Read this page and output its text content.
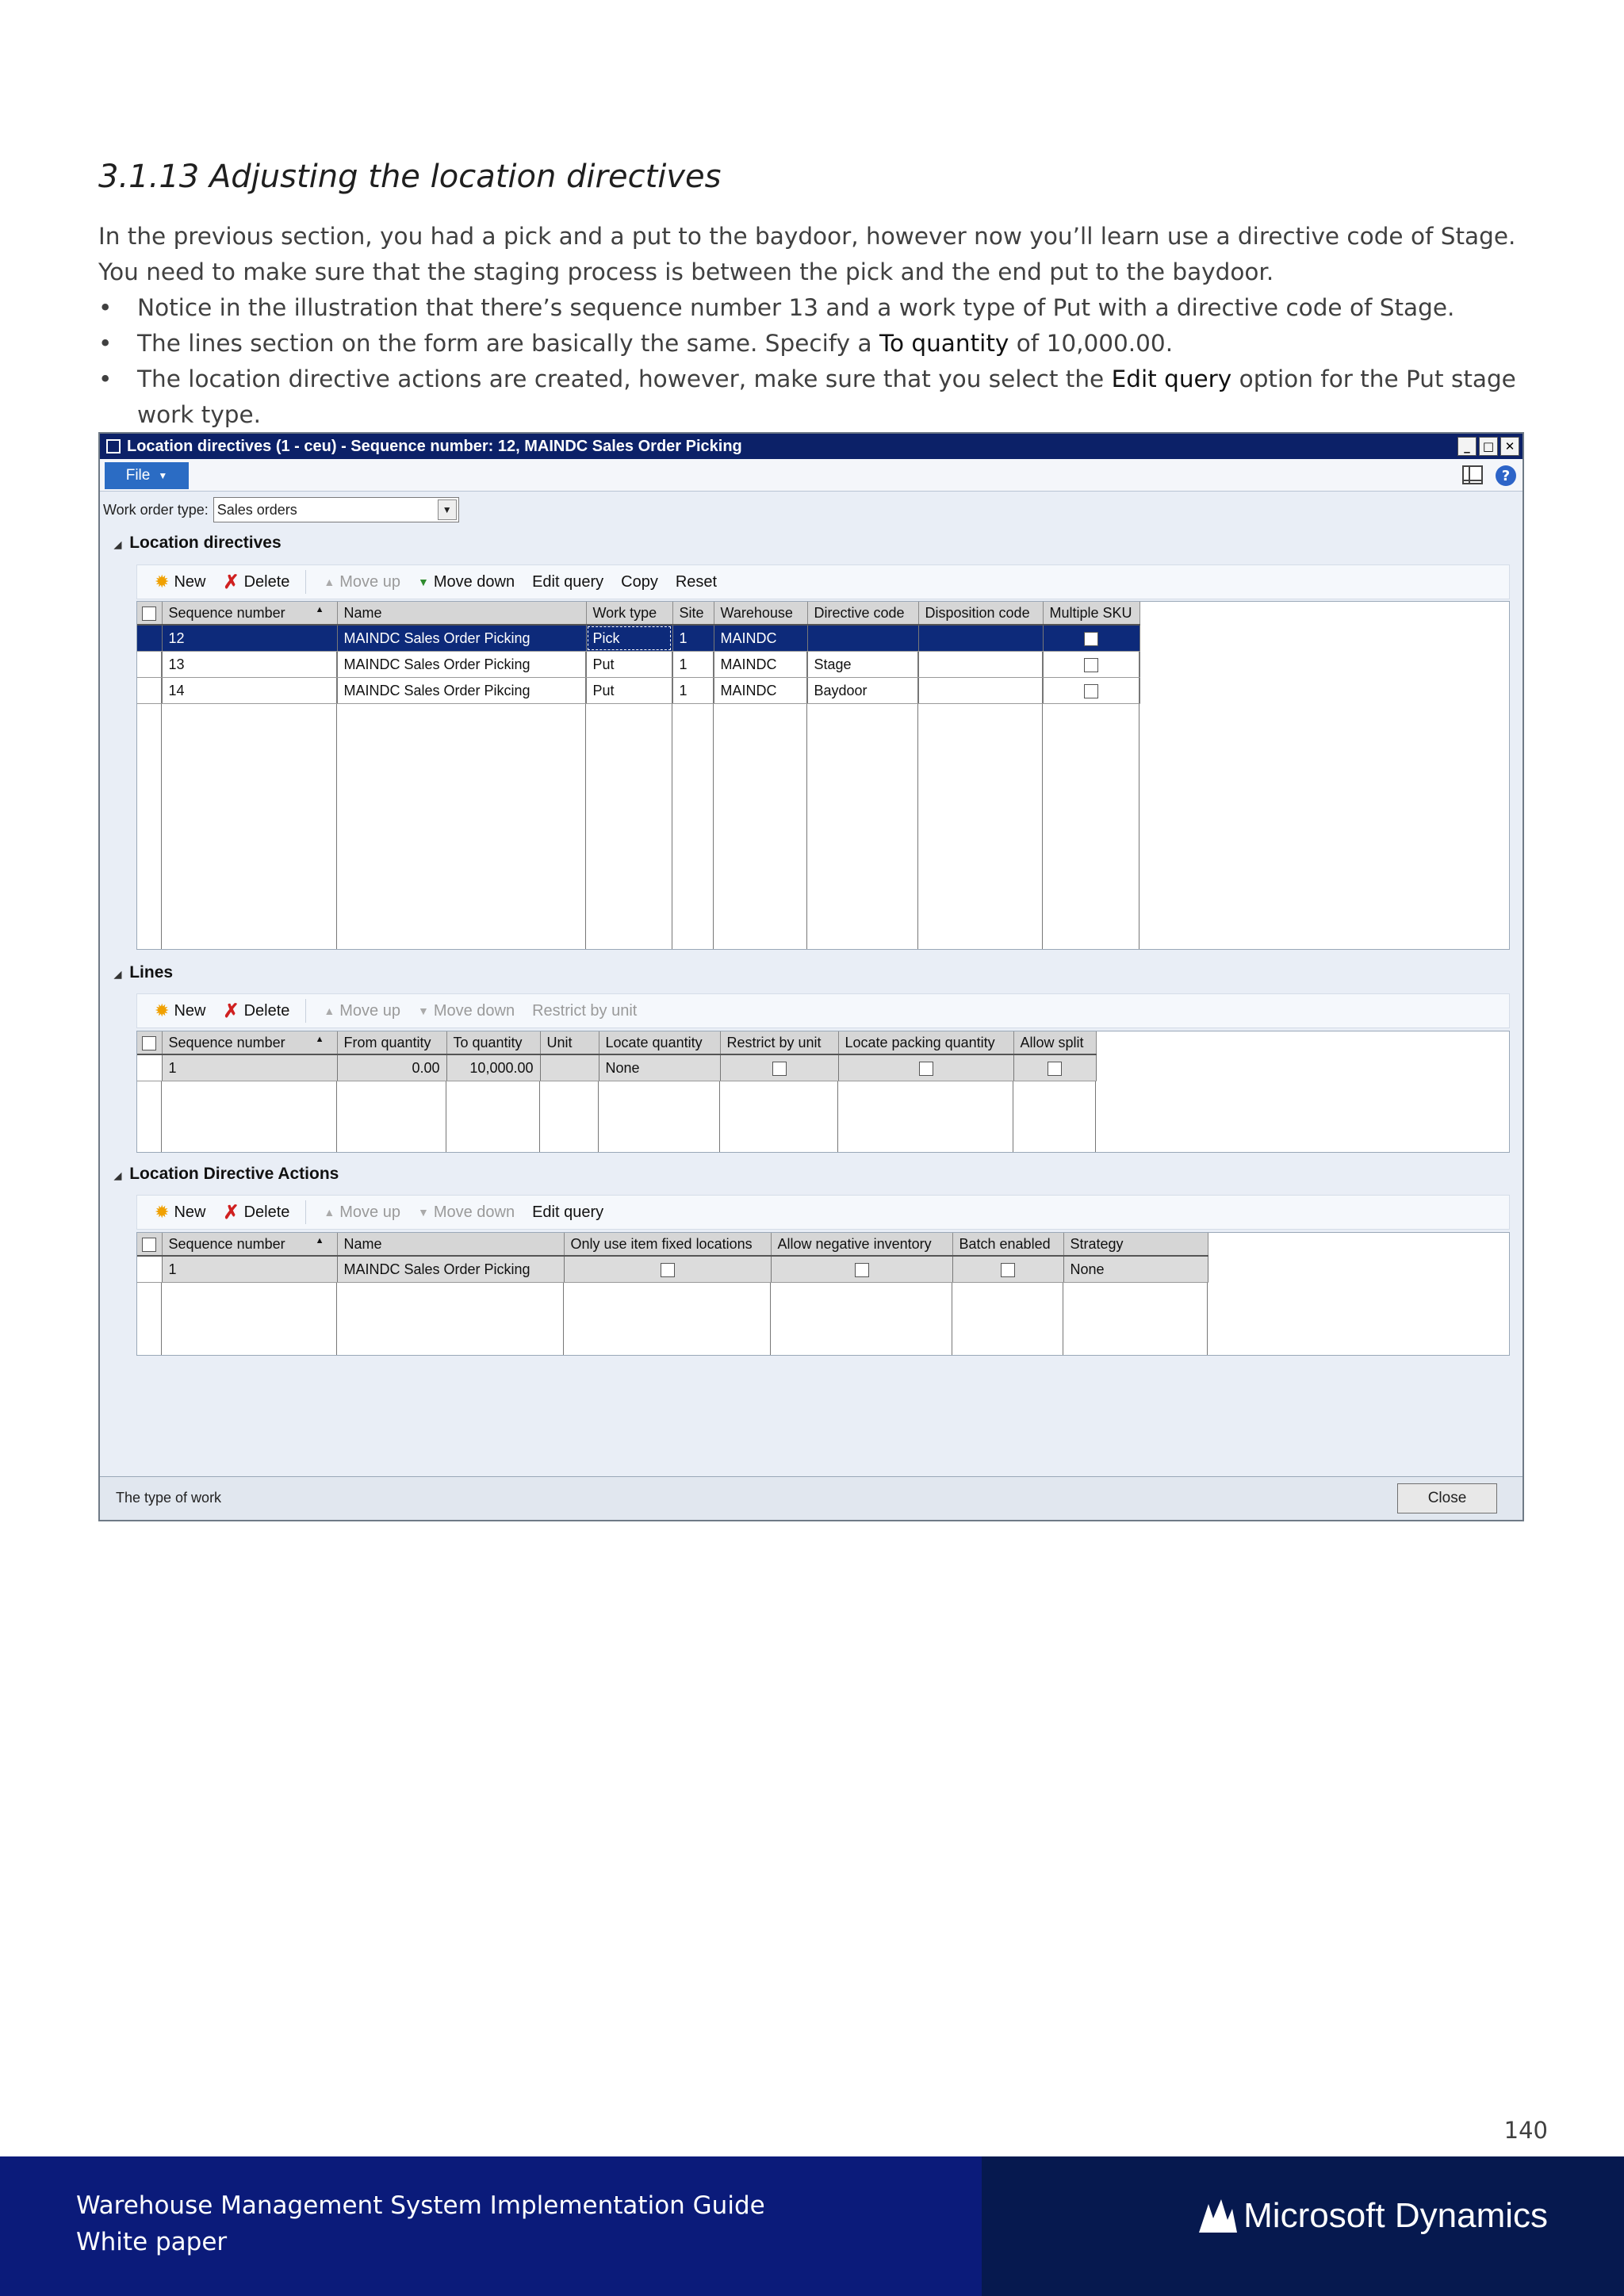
3.1.13 Adjusting the location directives

In the previous section, you had a pick and a put to the baydoor, however now you’ll learn use a directive code of Stage. You need to make sure that the staging process is between the pick and the end put to the baydoor.

• Notice in the illustration that there’s sequence number 13 and a work type of Put with a directive code of Stage.
• The lines section on the form are basically the same. Specify a To quantity of 10,000.00.
• The location directive actions are created, however, make sure that you select the Edit query option for the Put stage work type.
Location directives (1 - ceu) - Sequence number: 12, MAINDC Sales Order Picking	_	□ ✕
File ▼	?
Work order type: Sales orders	▼
◢ Location directives
✹ New ✗ Delete	▲ Move up ▼ Move down Edit query Copy Reset
	Sequence number ▲	Name	Work type	Site	Warehouse	Directive code	Disposition code	Multiple SKU
	12	MAINDC Sales Order Picking	Pick	1	MAINDC			
	13	MAINDC Sales Order Picking	Put	1	MAINDC	Stage		
	14	MAINDC Sales Order Pikcing	Put	1	MAINDC	Baydoor		
◢ Lines
✹ New ✗ Delete	▲ Move up ▼ Move down Restrict by unit
	Sequence number ▲	From quantity	To quantity	Unit	Locate quantity	Restrict by unit	Locate packing quantity	Allow split
	1	0.00	10,000.00		None			
◢ Location Directive Actions
✹ New ✗ Delete	▲ Move up ▼ Move down Edit query
	Sequence number ▲	Name	Only use item fixed locations	Allow negative inventory	Batch enabled	Strategy
	1	MAINDC Sales Order Picking				None
The type of work	Close
140
Warehouse Management System Implementation Guide
White paper
Microsoft Dynamics
